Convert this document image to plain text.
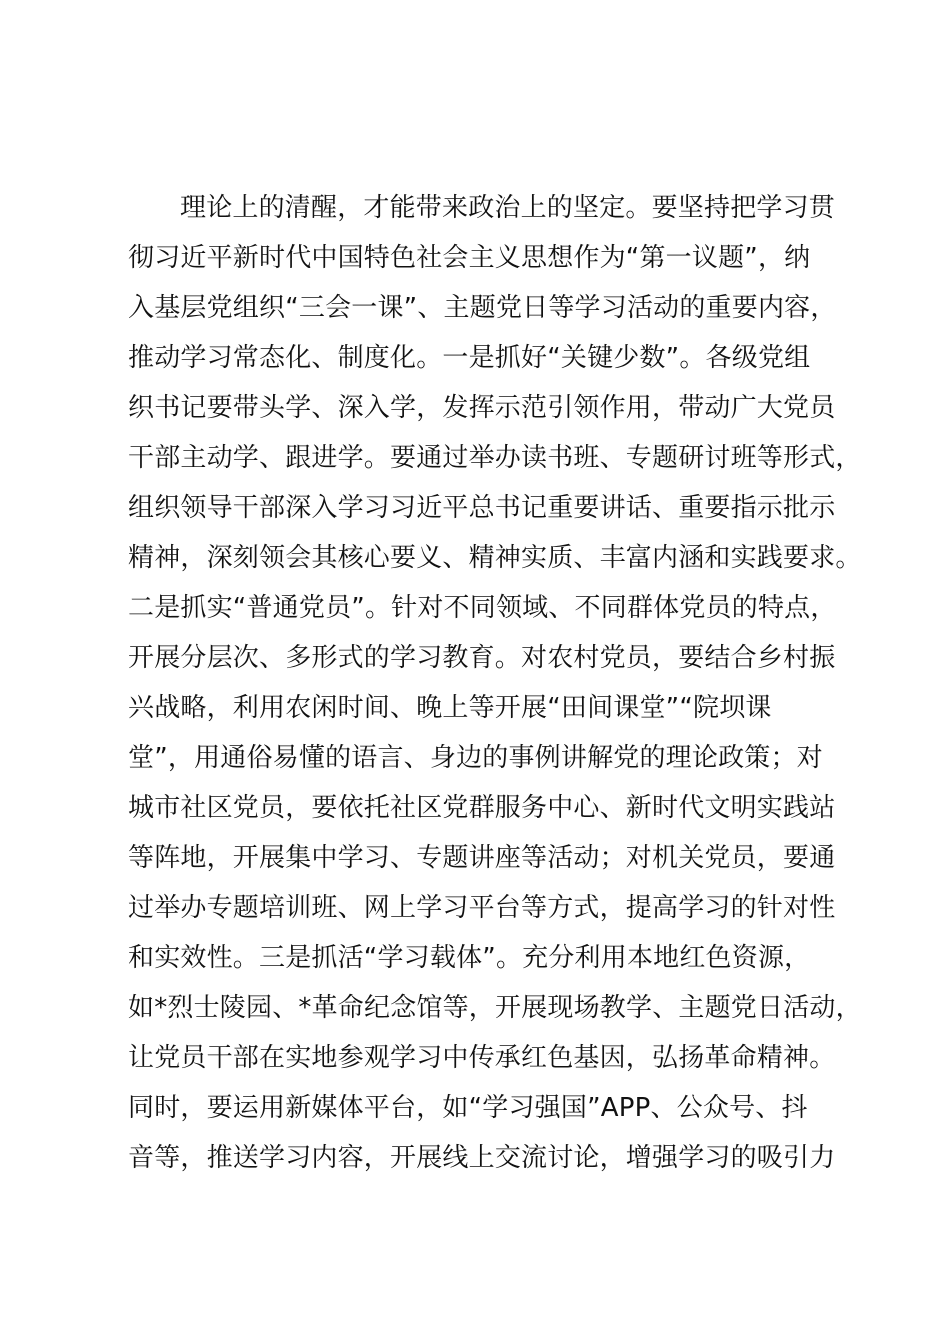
理论上的清醒，才能带来政治上的坚定。要坚持把学习贯
彻习近平新时代中国特色社会主义思想作为“第一议题”，纳
入基层党组织“三会一课”、主题党日等学习活动的重要内容，
推动学习常态化、制度化。一是抓好“关键少数”。各级党组
织书记要带头学、深入学，发挥示范引领作用，带动广大党员
干部主动学、跟进学。要通过举办读书班、专题研讨班等形式，
组织领导干部深入学习习近平总书记重要讲话、重要指示批示
精神，深刻领会其核心要义、精神实质、丰富内涵和实践要求。
二是抓实“普通党员”。针对不同领域、不同群体党员的特点，
开展分层次、多形式的学习教育。对农村党员，要结合乡村振
兴战略，利用农闲时间、晚上等开展“田间课堂”“院坝课
堂”，用通俗易懂的语言、身边的事例讲解党的理论政策；对
城市社区党员，要依托社区党群服务中心、新时代文明实践站
等阵地，开展集中学习、专题讲座等活动；对机关党员，要通
过举办专题培训班、网上学习平台等方式，提高学习的针对性
和实效性。三是抓活“学习载体”。充分利用本地红色资源，
如*烈士陵园、*革命纪念馆等，开展现场教学、主题党日活动，
让党员干部在实地参观学习中传承红色基因，弘扬革命精神。
同时，要运用新媒体平台，如“学习强国”APP、公众号、抖
音等，推送学习内容，开展线上交流讨论，增强学习的吸引力
